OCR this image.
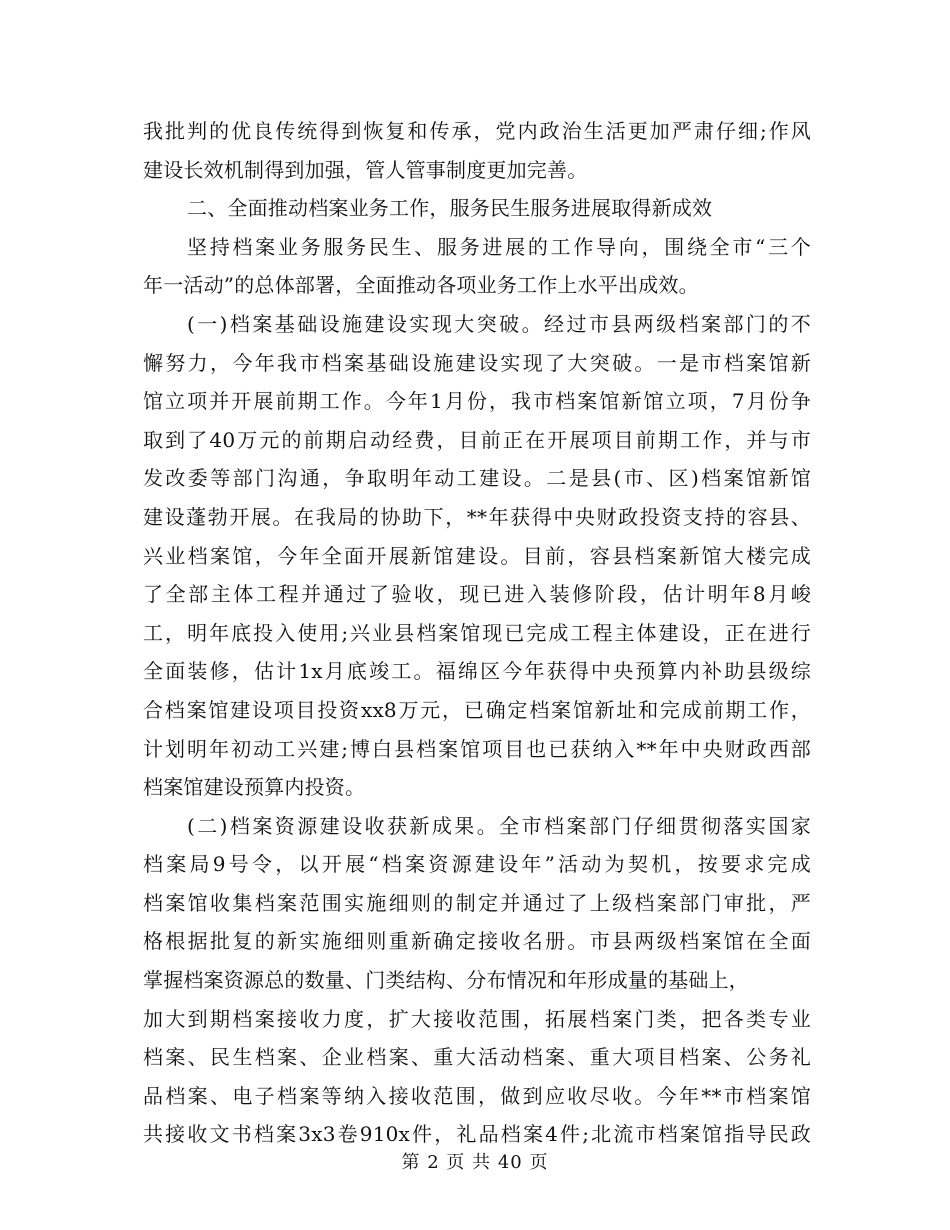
我批判的优良传统得到恢复和传承，党内政治生活更加严肃仔细;作风
建设长效机制得到加强，管人管事制度更加完善。
二、全面推动档案业务工作，服务民生服务进展取得新成效
坚持档案业务服务民生、服务进展的工作导向，围绕全市“三个
年一活动”的总体部署，全面推动各项业务工作上水平出成效。
(一)档案基础设施建设实现大突破。经过市县两级档案部门的不
懈努力，今年我市档案基础设施建设实现了大突破。一是市档案馆新
馆立项并开展前期工作。今年1月份，我市档案馆新馆立项，7月份争
取到了40万元的前期启动经费，目前正在开展项目前期工作，并与市
发改委等部门沟通，争取明年动工建设。二是县(市、区)档案馆新馆
建设蓬勃开展。在我局的协助下，**年获得中央财政投资支持的容县、
兴业档案馆，今年全面开展新馆建设。目前，容县档案新馆大楼完成
了全部主体工程并通过了验收，现已进入装修阶段，估计明年8月峻
工，明年底投入使用;兴业县档案馆现已完成工程主体建设，正在进行
全面装修，估计1x月底竣工。福绵区今年获得中央预算内补助县级综
合档案馆建设项目投资xx8万元，已确定档案馆新址和完成前期工作，
计划明年初动工兴建;博白县档案馆项目也已获纳入**年中央财政西部
档案馆建设预算内投资。
(二)档案资源建设收获新成果。全市档案部门仔细贯彻落实国家
档案局9号令，以开展“档案资源建设年”活动为契机，按要求完成
档案馆收集档案范围实施细则的制定并通过了上级档案部门审批，严
格根据批复的新实施细则重新确定接收名册。市县两级档案馆在全面
掌握档案资源总的数量、门类结构、分布情况和年形成量的基础上，
加大到期档案接收力度，扩大接收范围，拓展档案门类，把各类专业
档案、民生档案、企业档案、重大活动档案、重大项目档案、公务礼
品档案、电子档案等纳入接收范围，做到应收尽收。今年**市档案馆
共接收文书档案3x3卷910x件，礼品档案4件;北流市档案馆指导民政
第 2 页 共 40 页
